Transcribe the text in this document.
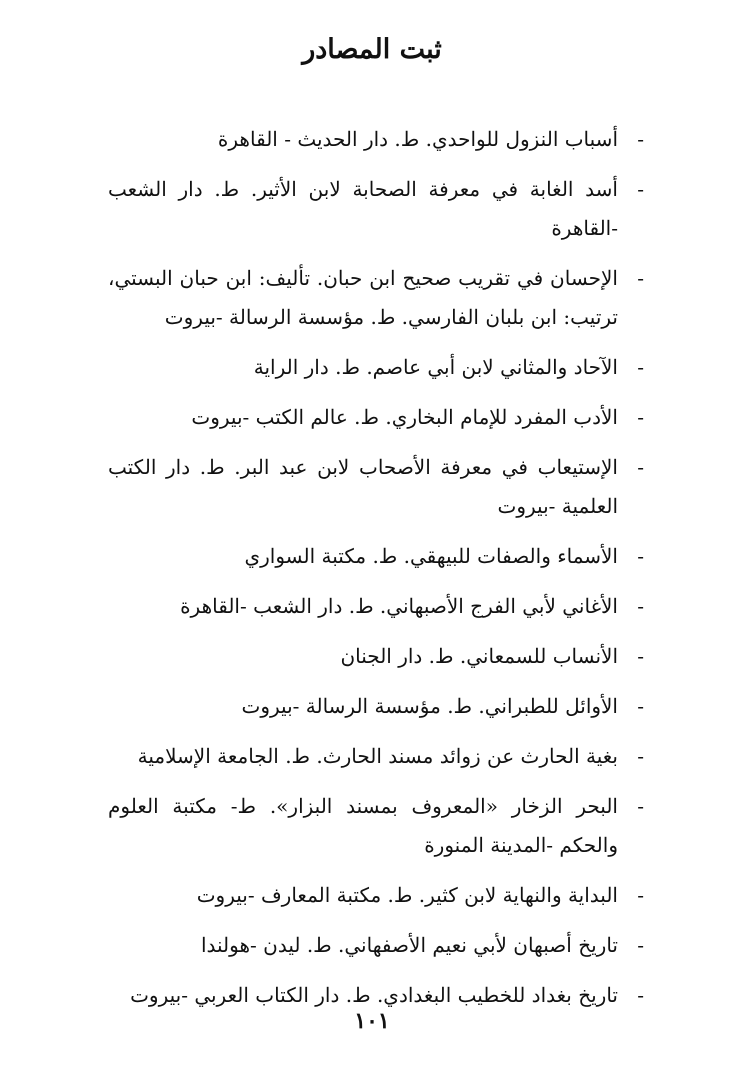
ثبت المصادر
-
أسباب النزول للواحدي. ط. دار الحديث - القاهرة
-
أسد الغابة في معرفة الصحابة لابن الأثير. ط. دار الشعب -القاهرة
-
الإحسان في تقريب صحيح ابن حبان. تأليف: ابن حبان البستي، ترتيب: ابن بلبان الفارسي. ط. مؤسسة الرسالة -بيروت
-
الآحاد والمثاني لابن أبي عاصم. ط. دار الراية
-
الأدب المفرد للإمام البخاري. ط. عالم الكتب -بيروت
-
الإستيعاب في معرفة الأصحاب لابن عبد البر. ط. دار الكتب العلمية -بيروت
-
الأسماء والصفات للبيهقي. ط. مكتبة السواري
-
الأغاني لأبي الفرج الأصبهاني. ط. دار الشعب -القاهرة
-
الأنساب للسمعاني. ط. دار الجنان
-
الأوائل للطبراني. ط. مؤسسة الرسالة -بيروت
-
بغية الحارث عن زوائد مسند الحارث. ط. الجامعة الإسلامية
-
البحر الزخار «المعروف بمسند البزار». ط- مكتبة العلوم والحكم -المدينة المنورة
-
البداية والنهاية لابن كثير. ط. مكتبة المعارف -بيروت
-
تاريخ أصبهان لأبي نعيم الأصفهاني. ط. ليدن -هولندا
-
تاريخ بغداد للخطيب البغدادي. ط. دار الكتاب العربي -بيروت
١٠١
